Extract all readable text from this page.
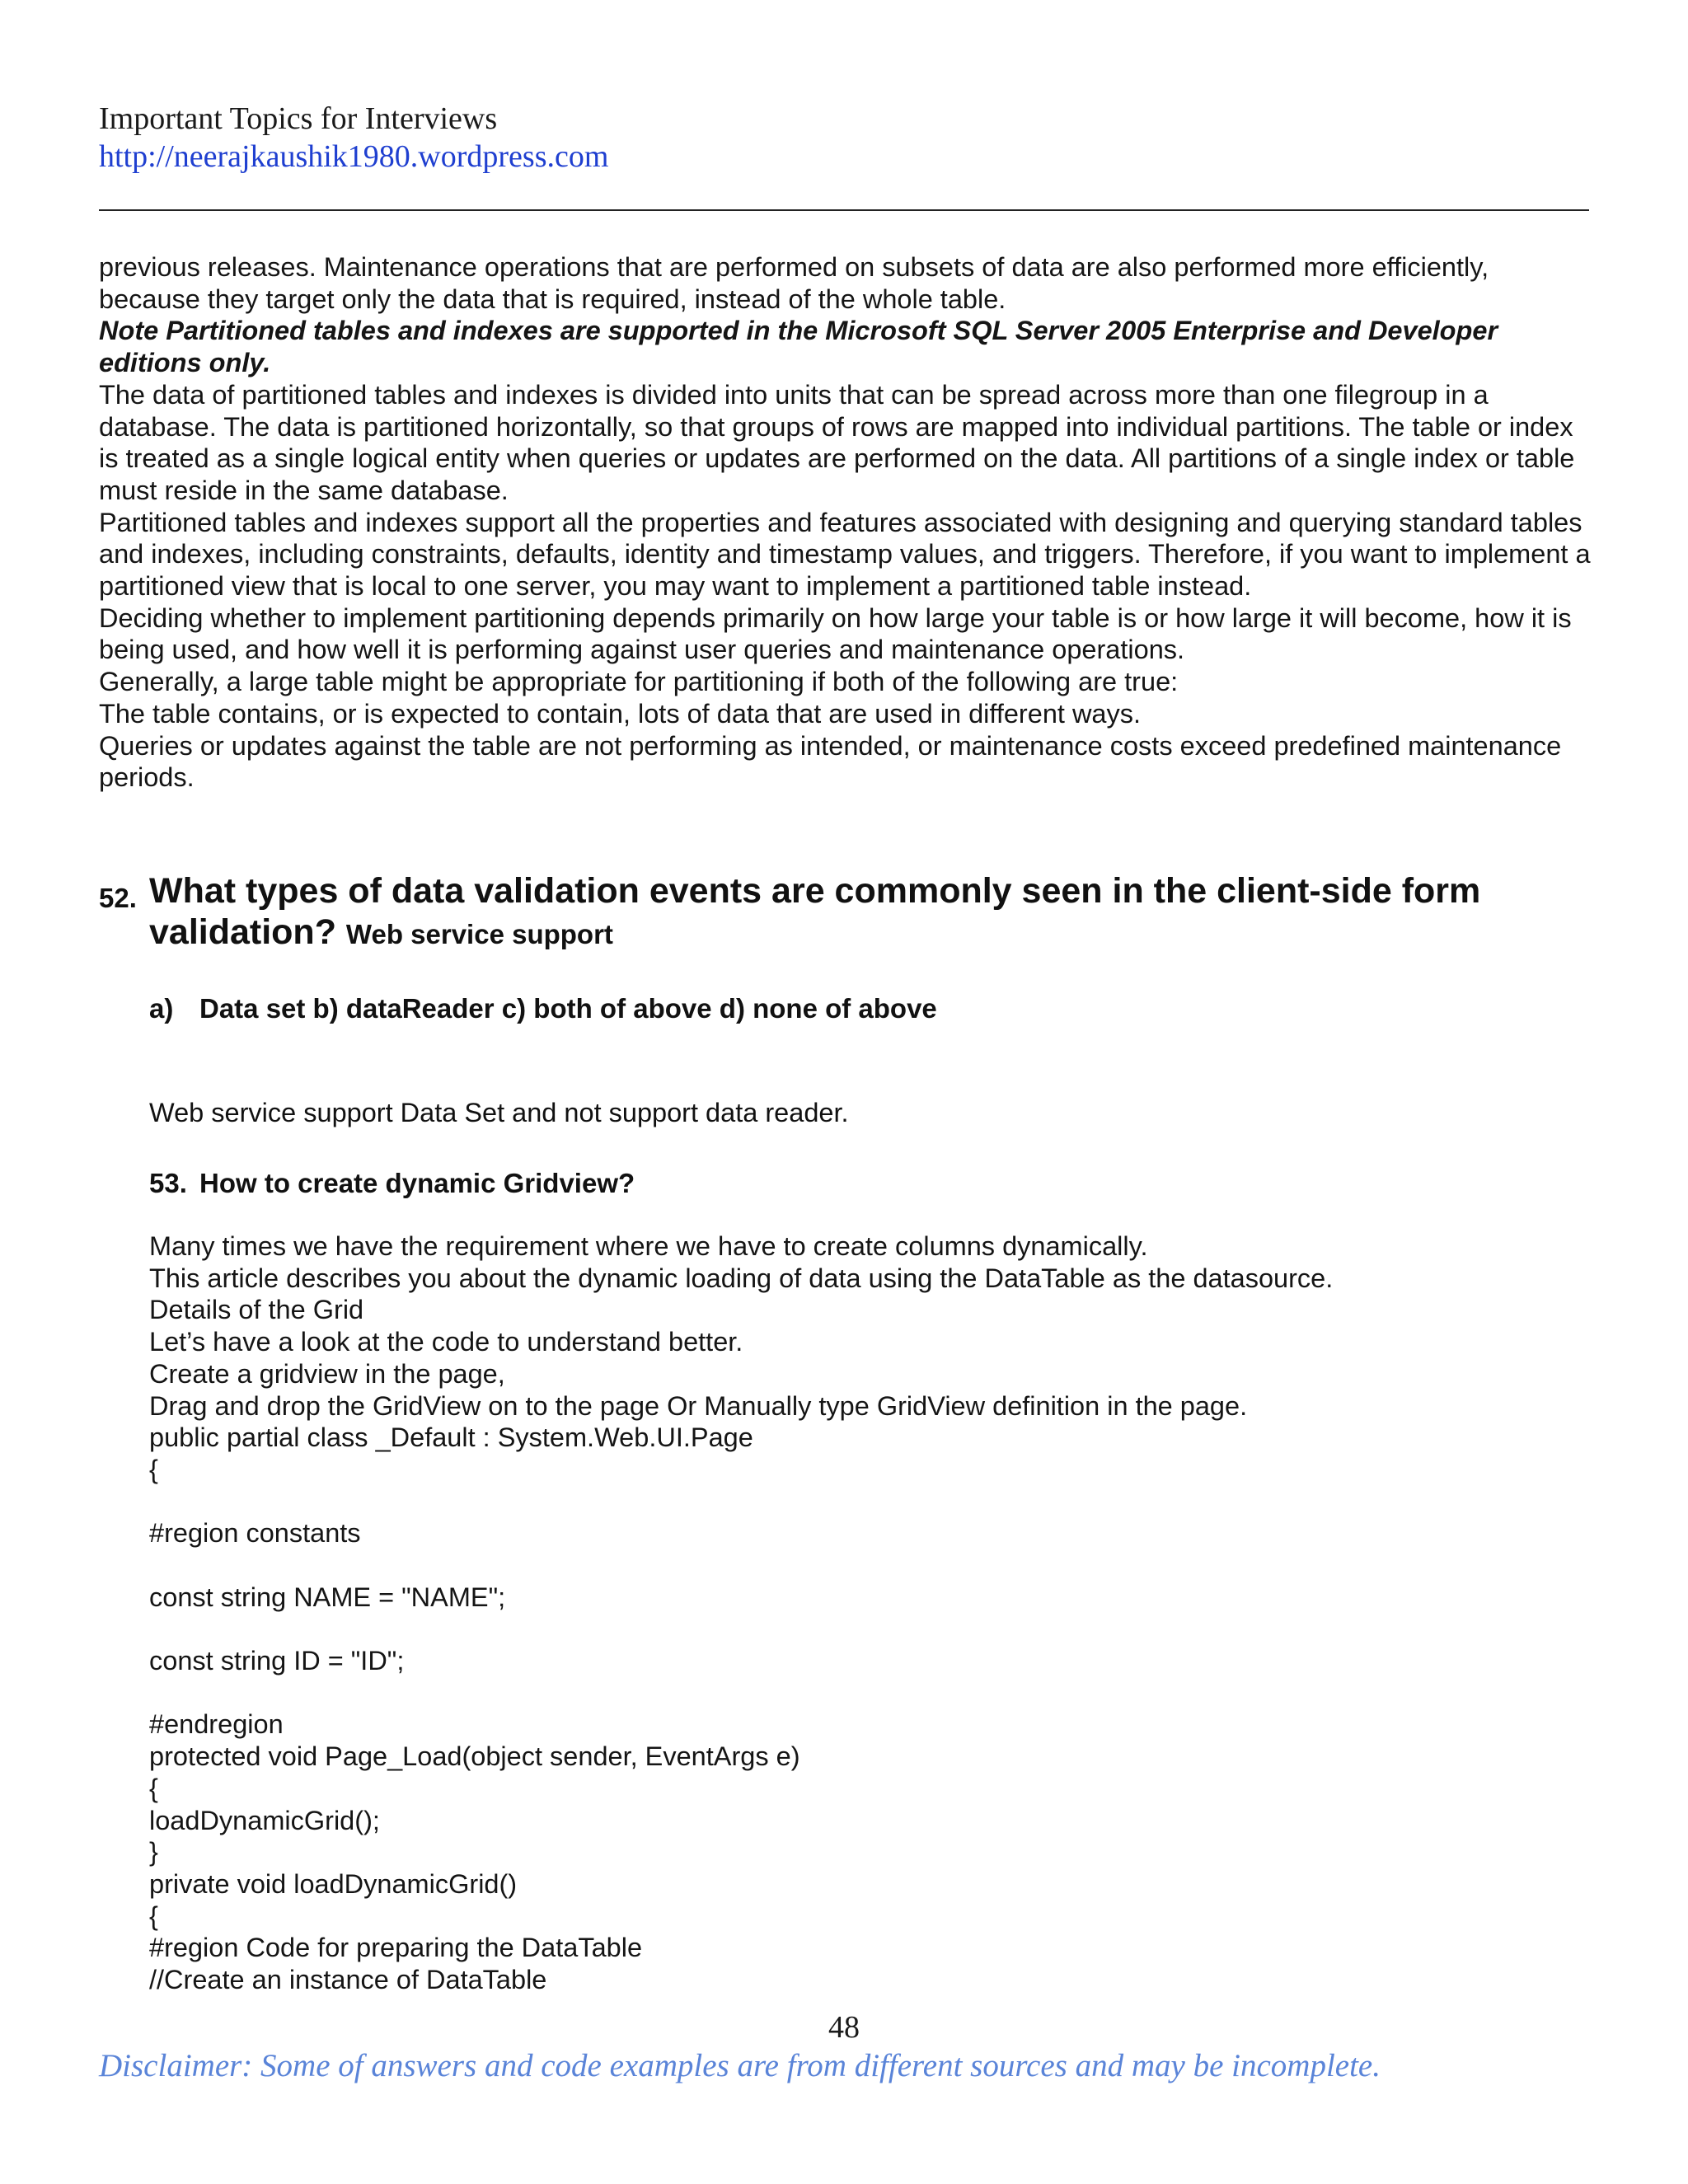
Important Topics for Interviews
http://neerajkaushik1980.wordpress.com

previous releases. Maintenance operations that are performed on subsets of data are also performed more efficiently, because they target only the data that is required, instead of the whole table.

Note Partitioned tables and indexes are supported in the Microsoft SQL Server 2005 Enterprise and Developer editions only.

The data of partitioned tables and indexes is divided into units that can be spread across more than one filegroup in a database. The data is partitioned horizontally, so that groups of rows are mapped into individual partitions. The table or index is treated as a single logical entity when queries or updates are performed on the data. All partitions of a single index or table must reside in the same database.

Partitioned tables and indexes support all the properties and features associated with designing and querying standard tables and indexes, including constraints, defaults, identity and timestamp values, and triggers. Therefore, if you want to implement a partitioned view that is local to one server, you may want to implement a partitioned table instead.

Deciding whether to implement partitioning depends primarily on how large your table is or how large it will become, how it is being used, and how well it is performing against user queries and maintenance operations.

Generally, a large table might be appropriate for partitioning if both of the following are true:

The table contains, or is expected to contain, lots of data that are used in different ways.

Queries or updates against the table are not performing as intended, or maintenance costs exceed predefined maintenance periods.

52. What types of data validation events are commonly seen in the client-side form validation? Web service support
a) Data set b) dataReader c) both of above d) none of above
Web service support Data Set and not support data reader.
53. How to create dynamic Gridview?
Many times we have the requirement where we have to create columns dynamically.
This article describes you about the dynamic loading of data using the DataTable as the datasource.
Details of the Grid
Let’s have a look at the code to understand better.
Create a gridview in the page,
Drag and drop the GridView on to the page Or Manually type GridView definition in the page.
public partial class _Default : System.Web.UI.Page
{
#region constants
const string NAME = "NAME";
const string ID = "ID";
#endregion
protected void Page_Load(object sender, EventArgs e)
{
loadDynamicGrid();
}
private void loadDynamicGrid()
{
#region Code for preparing the DataTable
//Create an instance of DataTable
48
Disclaimer: Some of answers and code examples are from different sources and may be incomplete.
